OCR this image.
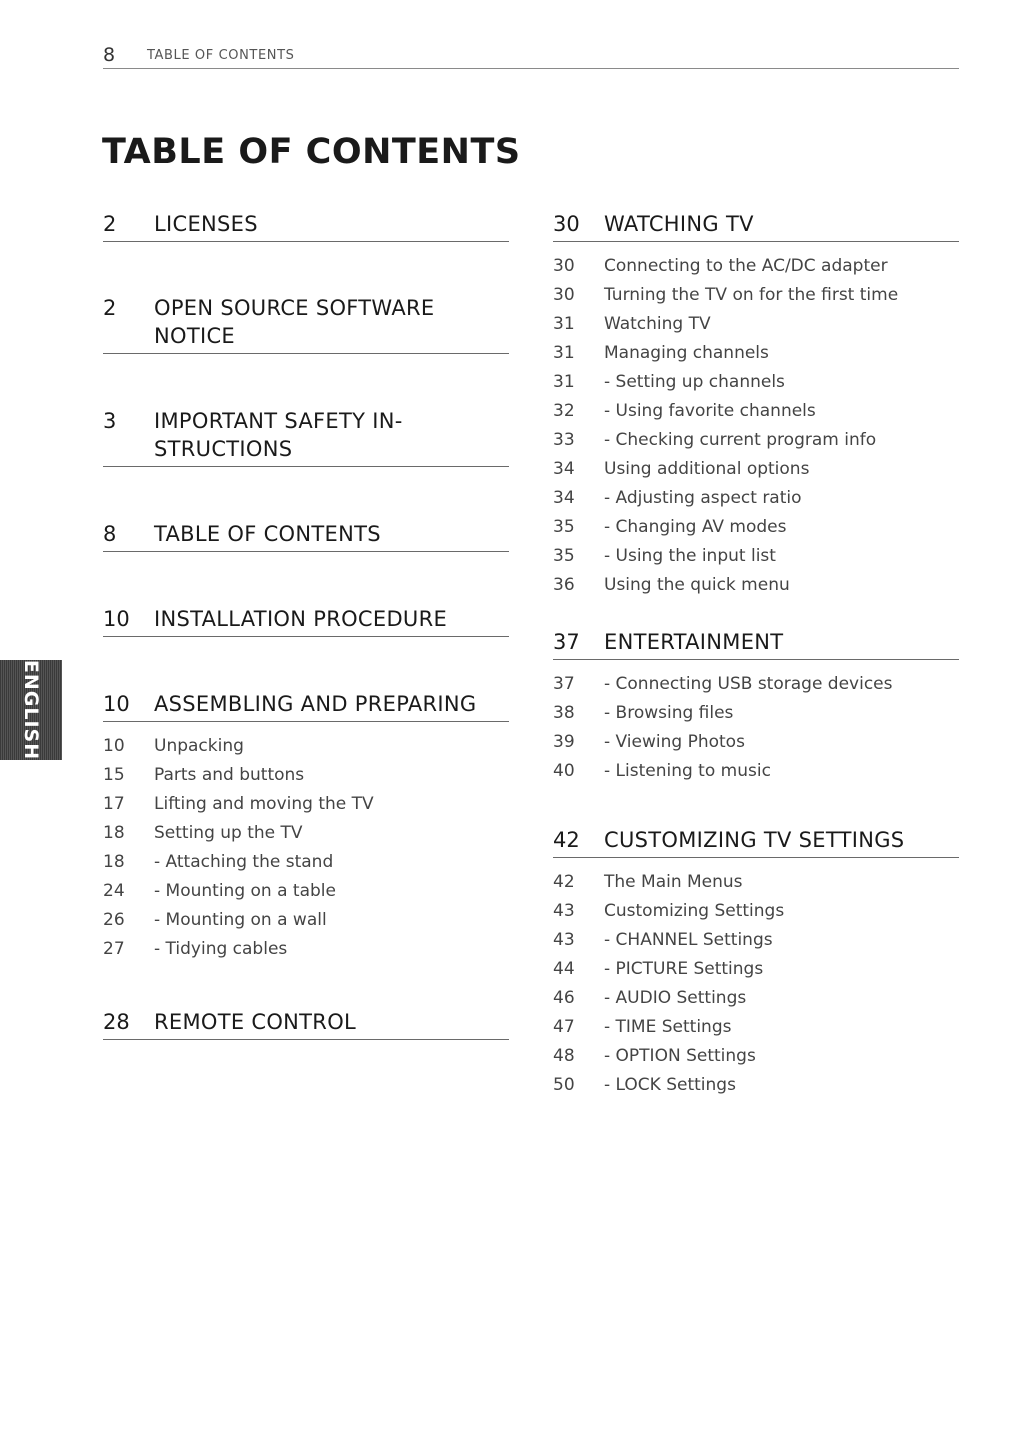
8 TABLE OF CONTENTS
TABLE OF CONTENTS
ENGLISH
2	LICENSES
2	OPEN SOURCE SOFTWARE
NOTICE
3	IMPORTANT SAFETY IN-
STRUCTIONS
8	TABLE OF CONTENTS
10	INSTALLATION PROCEDURE
10	ASSEMBLING AND PREPARING
10	Unpacking
15	Parts and buttons
17	Lifting and moving the TV
18	Setting up the TV
18	- Attaching the stand
24	- Mounting on a table
26	- Mounting on a wall
27	- Tidying cables
28	REMOTE CONTROL
30	WATCHING TV
30	Connecting to the AC/DC adapter
30	Turning the TV on for the first time
31	Watching TV
31	Managing channels
31	- Setting up channels
32	- Using favorite channels
33	- Checking current program info
34	Using additional options
34	- Adjusting aspect ratio
35	- Changing AV modes
35	- Using the input list
36	Using the quick menu
37	ENTERTAINMENT
37	- Connecting USB storage devices
38	- Browsing files
39	- Viewing Photos
40	- Listening to music
42	CUSTOMIZING TV SETTINGS
42	The Main Menus
43	Customizing Settings
43	- CHANNEL Settings
44	- PICTURE Settings
46	- AUDIO Settings
47	- TIME Settings
48	- OPTION Settings
50	- LOCK Settings
